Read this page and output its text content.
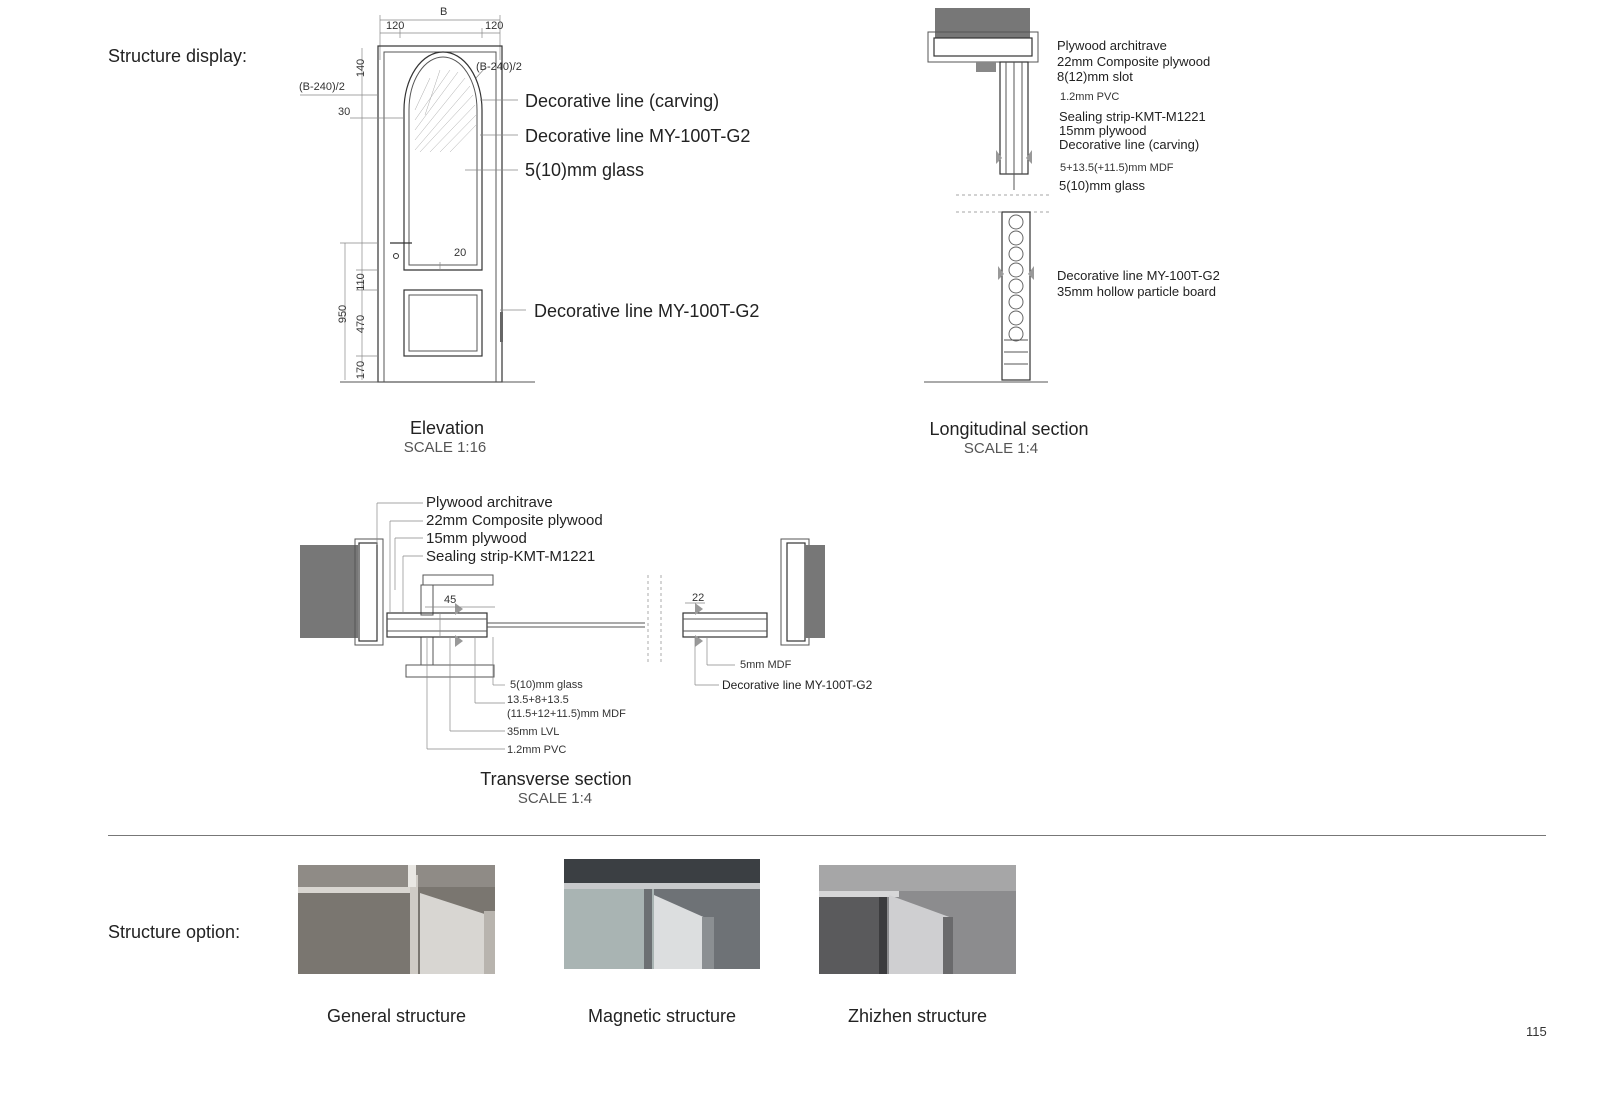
Structure display:
Structure option:
B
120	120
(B-240)/2
(B-240)/2
30
140
20
110
950
470
170
Decorative line (carving)
Decorative line MY-100T-G2
5(10)mm glass
Decorative line MY-100T-G2
Elevation
SCALE 1:16
Plywood architrave
22mm Composite plywood
8(12)mm slot
1.2mm PVC
Sealing strip-KMT-M1221
15mm plywood
Decorative line (carving)
5+13.5(+11.5)mm MDF
5(10)mm glass
Decorative line MY-100T-G2
35mm hollow particle board
Longitudinal section
SCALE 1:4
Plywood architrave
22mm Composite plywood
15mm plywood
Sealing strip-KMT-M1221
45	22
5(10)mm glass
13.5+8+13.5
(11.5+12+11.5)mm MDF
35mm LVL
1.2mm PVC
5mm MDF
Decorative line MY-100T-G2
Transverse section
SCALE 1:4
General structure	Magnetic structure	Zhizhen structure
115
